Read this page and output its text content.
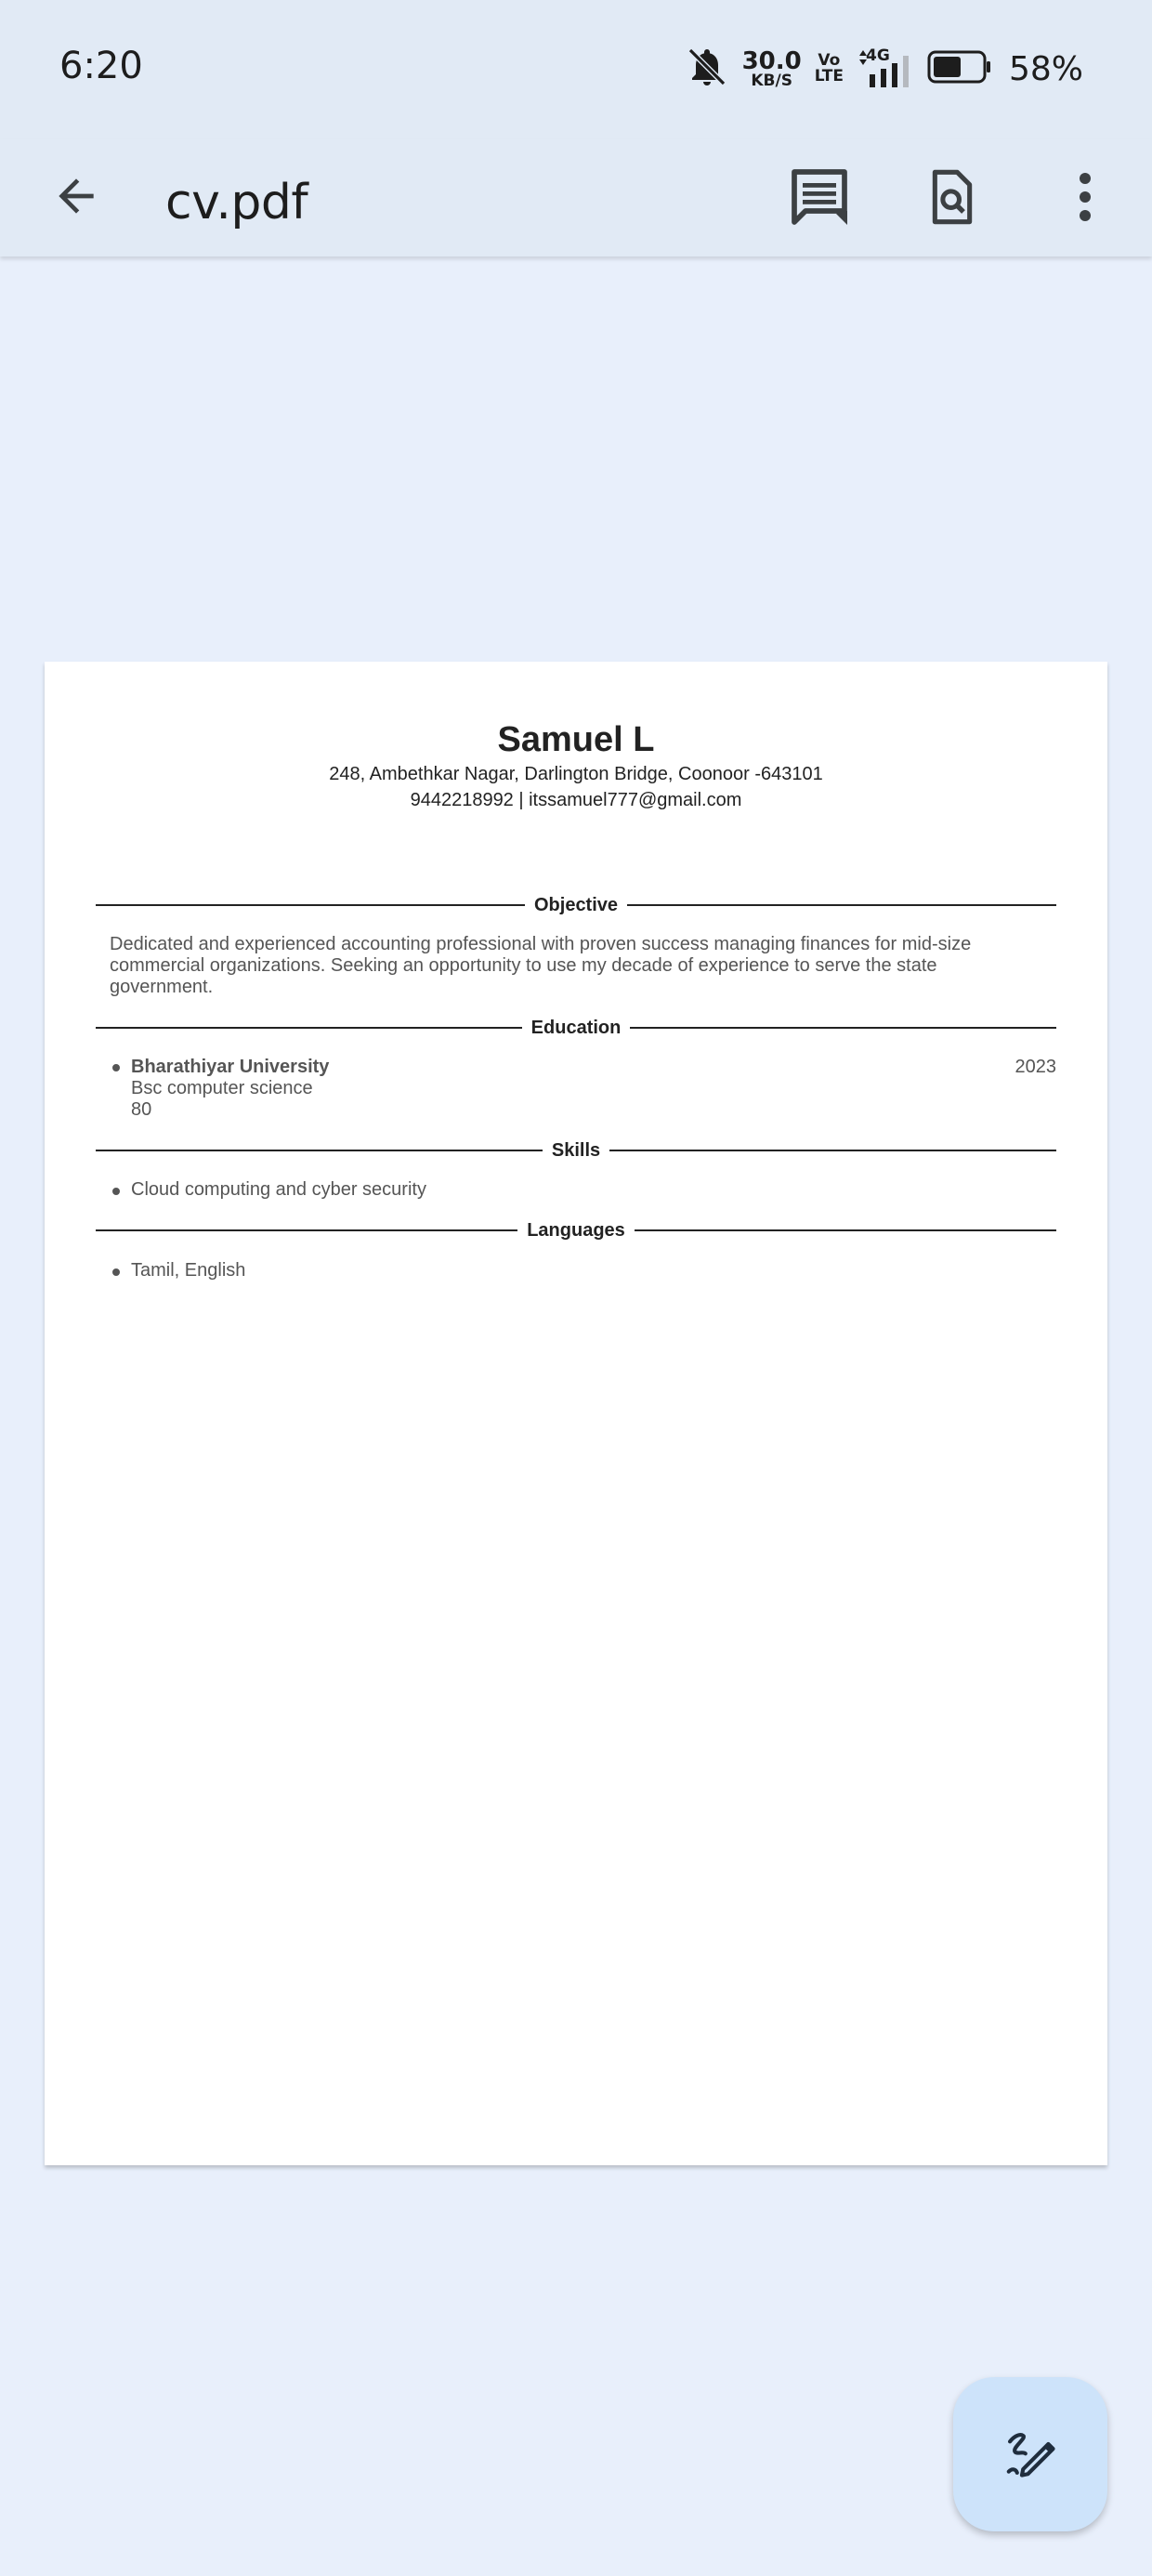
6:20	30.0
KB/S
Vo
LTE
4G	58%
cv.pdf
Samuel L
248, Ambethkar Nagar, Darlington Bridge, Coonoor -643101
9442218992 | itssamuel777@gmail.com
Objective
Dedicated and experienced accounting professional with proven success managing finances for mid-size commercial organizations. Seeking an opportunity to use my decade of experience to serve the state government.
Education
Bharathiyar University	2023
Bsc computer science
80
Skills
Cloud computing and cyber security
Languages
Tamil, English
